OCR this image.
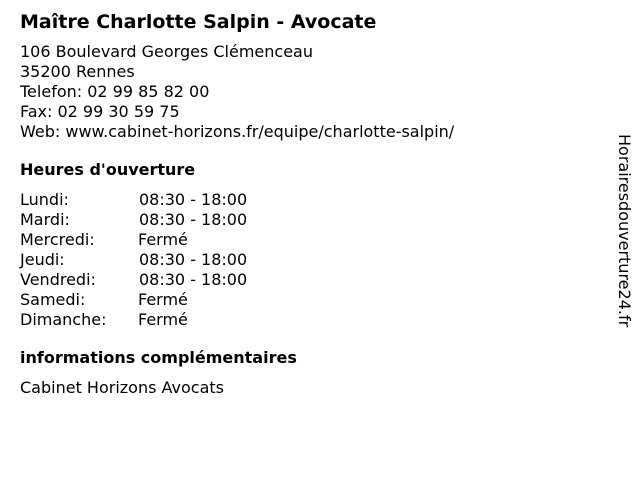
Maître Charlotte Salpin - Avocate
106 Boulevard Georges Clémenceau
35200 Rennes
Telefon: 02 99 85 82 00
Fax: 02 99 30 59 75
Web: www.cabinet-horizons.fr/equipe/charlotte-salpin/
Heures d'ouverture
Lundi:	08:30 - 18:00
Mardi:	08:30 - 18:00
Mercredi:	Fermé
Jeudi:	08:30 - 18:00
Vendredi:	08:30 - 18:00
Samedi:	Fermé
Dimanche:	Fermé
informations complémentaires
Cabinet Horizons Avocats
Horairesdouverture24.fr
